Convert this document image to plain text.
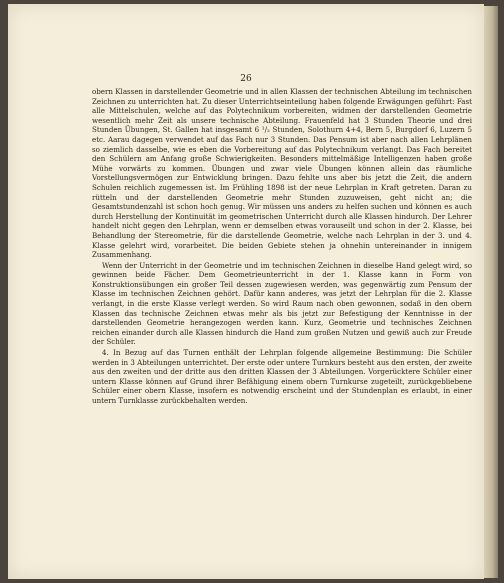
26

obern Klassen in darstellender Geometrie und in allen Klassen der technischen Abteilung im technischen Zeichnen zu unterrichten hat. Zu dieser Unterrichtseinteilung haben folgende Erwägungen geführt: Fast alle Mittelschulen, welche auf das Polytechnikum vorbereiten, widmen der darstellenden Geometrie wesentlich mehr Zeit als unsere technische Abteilung. Frauenfeld hat 3 Stunden Theorie und drei Stunden Übungen, St. Gallen hat insgesamt 6 ¹/₂ Stunden, Solothurn 4+4, Bern 5, Burgdorf 6, Luzern 5 etc. Aarau dagegen verwendet auf das Fach nur 3 Stunden. Das Pensum ist aber nach allen Lehrplänen so ziemlich dasselbe, wie es eben die Vorbereitung auf das Polytechnikum verlangt. Das Fach bereitet den Schülern am Anfang große Schwierigkeiten. Besonders mittelmäßige Intelligenzen haben große Mühe vorwärts zu kommen. Übungen und zwar viele Übungen können allein das räumliche Vorstellungsvermögen zur Entwicklung bringen. Dazu fehlte uns aber bis jetzt die Zeit, die andern Schulen reichlich zugemessen ist. Im Frühling 1898 ist der neue Lehrplan in Kraft getreten. Daran zu rütteln und der darstellenden Geometrie mehr Stunden zuzuweisen, geht nicht an; die Gesamtstundenzahl ist schon hoch genug. Wir müssen uns anders zu helfen suchen und können es auch durch Herstellung der Kontinuität im geometrischen Unterricht durch alle Klassen hindurch. Der Lehrer handelt nicht gegen den Lehrplan, wenn er demselben etwas vorauseilt und schon in der 2. Klasse, bei Behandlung der Stereometrie, für die darstellende Geometrie, welche nach Lehrplan in der 3. und 4. Klasse gelehrt wird, vorarbeitet. Die beiden Gebiete stehen ja ohnehin untereinander in innigem Zusammenhang.

Wenn der Unterricht in der Geometrie und im technischen Zeichnen in dieselbe Hand gelegt wird, so gewinnen beide Fächer. Dem Geometrieunterricht in der 1. Klasse kann in Form von Konstruktionsübungen ein großer Teil dessen zugewiesen werden, was gegenwärtig zum Pensum der Klasse im technischen Zeichnen gehört. Dafür kann anderes, was jetzt der Lehrplan für die 2. Klasse verlangt, in die erste Klasse verlegt werden. So wird Raum nach oben gewonnen, sodaß in den obern Klassen das technische Zeichnen etwas mehr als bis jetzt zur Befestigung der Kenntnisse in der darstellenden Geometrie herangezogen werden kann. Kurz, Geometrie und technisches Zeichnen reichen einander durch alle Klassen hindurch die Hand zum großen Nutzen und gewiß auch zur Freude der Schüler.

4. In Bezug auf das Turnen enthält der Lehrplan folgende allgemeine Bestimmung: Die Schüler werden in 3 Abteilungen unterrichtet. Der erste oder untere Turnkurs besteht aus den ersten, der zweite aus den zweiten und der dritte aus den dritten Klassen der 3 Abteilungen. Vorgerücktere Schüler einer untern Klasse können auf Grund ihrer Befähigung einem obern Turnkurse zugeteilt, zurückgebliebene Schüler einer obern Klasse, insofern es notwendig erscheint und der Stundenplan es erlaubt, in einer untern Turnklasse zurückbehalten werden.
